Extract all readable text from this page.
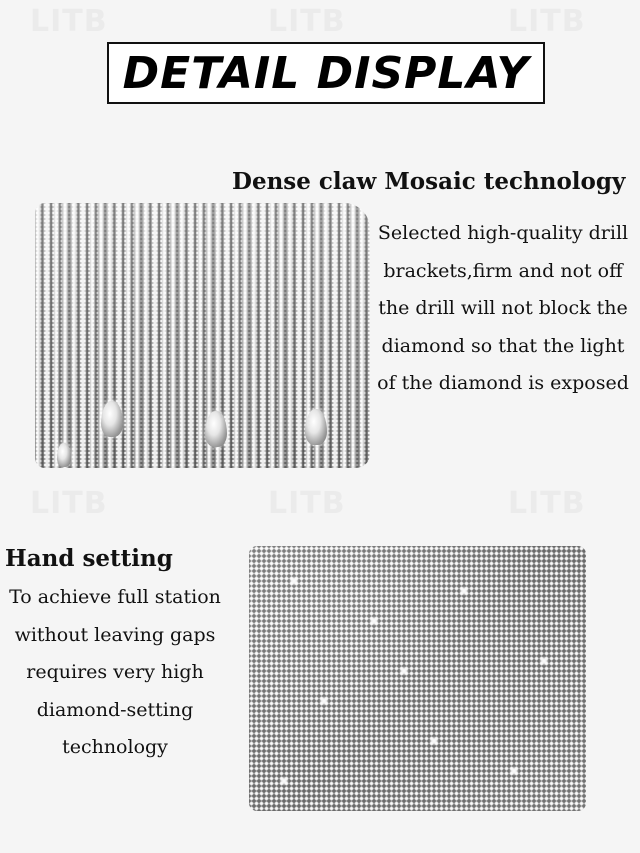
LITB	LITB	LITB
LITB	LITB	LITB
DETAIL DISPLAY
Dense claw Mosaic technology
Selected high-quality drill
brackets,firm and not off
the drill will not block the
diamond so that the light
of the diamond is exposed
Hand setting
To achieve full station
without leaving gaps
requires very high
diamond-setting
technology
